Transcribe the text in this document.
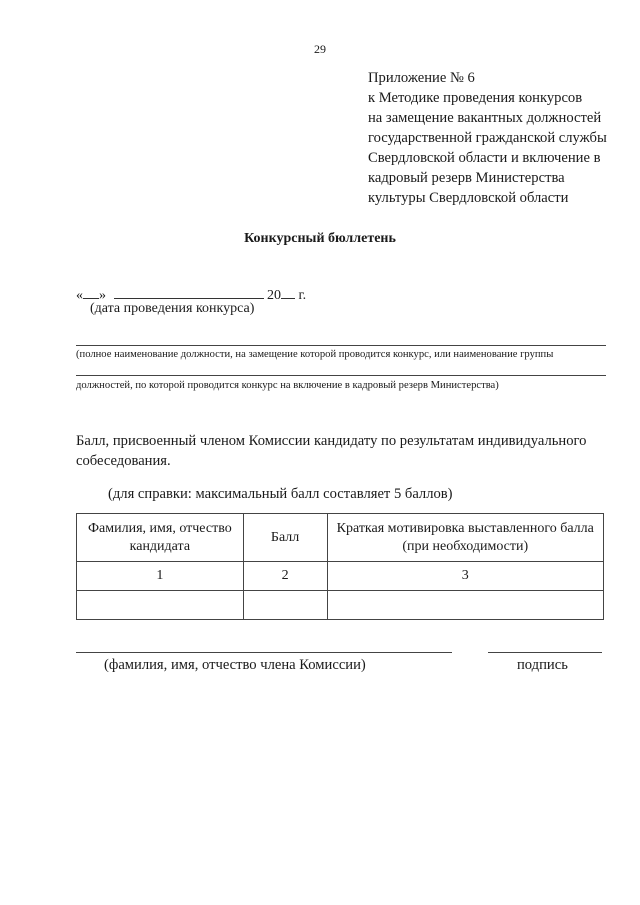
29
Приложение № 6
к Методике проведения конкурсов
на замещение вакантных должностей
государственной гражданской службы
Свердловской области и включение в
кадровый резерв Министерства
культуры Свердловской области
Конкурсный бюллетень
« »	20 г.
(дата проведения конкурса)
(полное наименование должности, на замещение которой проводится конкурс, или наименование группы
должностей, по которой проводится конкурс на включение в кадровый резерв Министерства)
Балл, присвоенный членом Комиссии кандидату по результатам индивидуального собеседования.
(для справки: максимальный балл составляет 5 баллов)
Фамилия, имя, отчество кандидата	Балл	Краткая мотивировка выставленного балла (при необходимости)
1	2	3

(фамилия, имя, отчество члена Комиссии)	подпись
